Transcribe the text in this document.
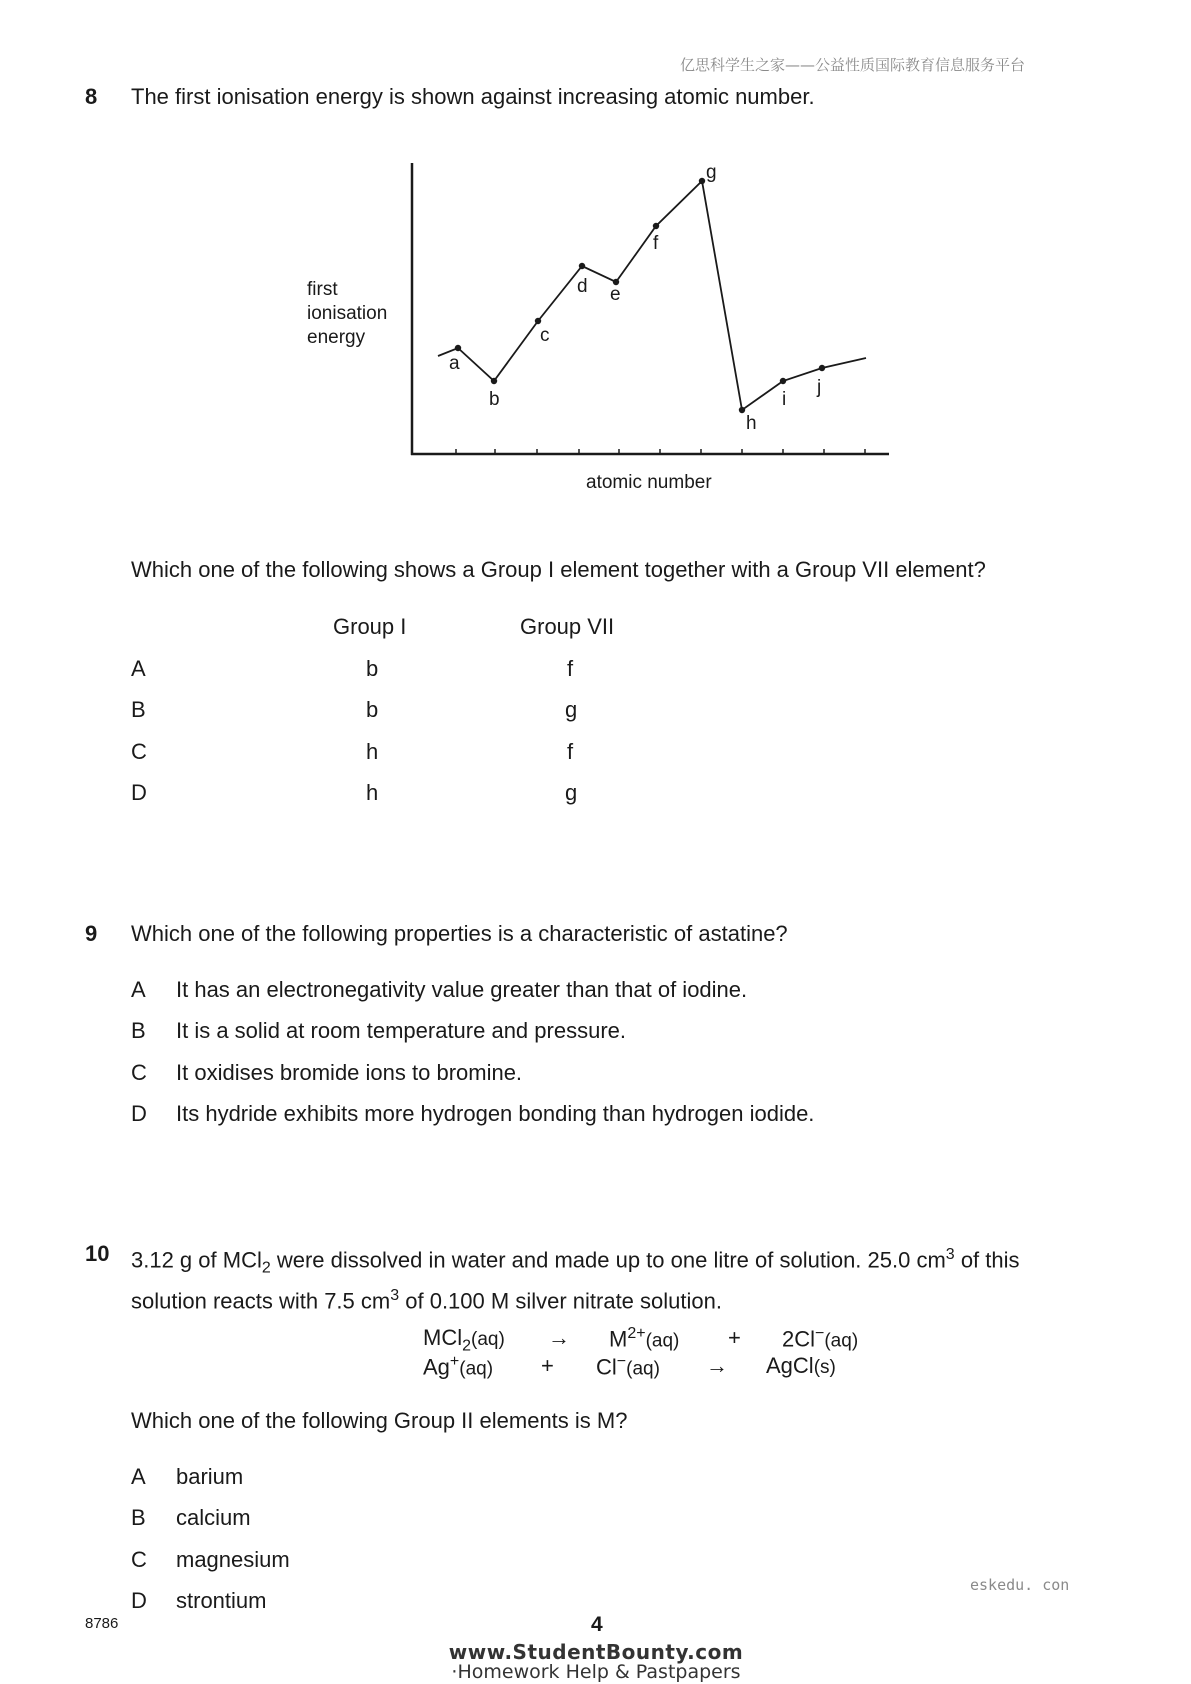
亿思科学生之家——公益性质国际教育信息服务平台
8 The first ionisation energy is shown against increasing atomic number.
first
ionisation
energy
a
b
c
d e
f
g
h
i
j
atomic number
Which one of the following shows a Group I element together with a Group VII element?
Group I	Group VII
A	b	f
B	b	g
C	h	f
D	h	g
9 Which one of the following properties is a characteristic of astatine?
A It has an electronegativity value greater than that of iodine.
B It is a solid at room temperature and pressure.
C It oxidises bromide ions to bromine.
D Its hydride exhibits more hydrogen bonding than hydrogen iodide.
10 3.12 g of MCl$_2$ were dissolved in water and made up to one litre of solution. 25.0 $cm^3$ of this
solution reacts with 7.5 $cm^3$ of 0.100 M silver nitrate solution.
$MCl_2(aq) \to M^{2+}(aq) + 2Cl^-(aq)$
Ag+(aq) + Cl−(aq) → AgCl(s)
Which one of the following Group II elements is M?
A barium
B calcium
C magnesium
D strontium
eskedu. con
8786	4
www.StudentBounty.com
·Homework Help & Pastpapers
